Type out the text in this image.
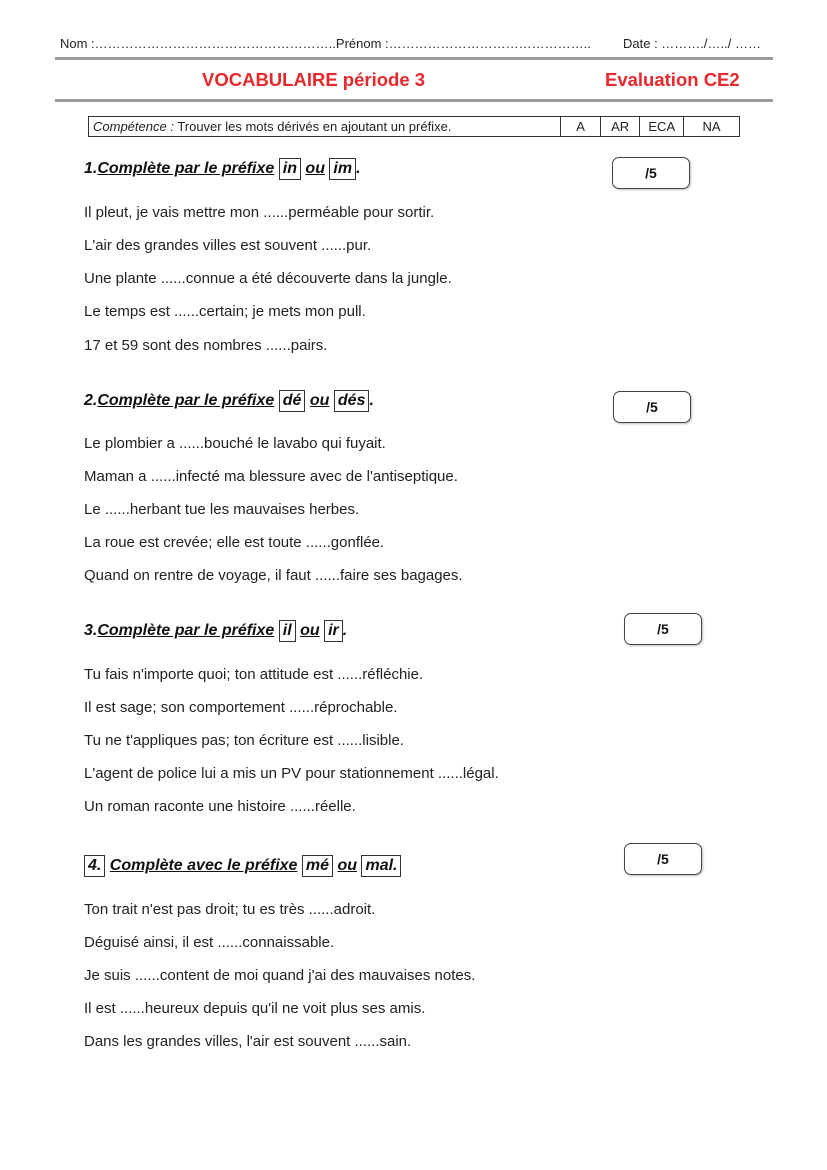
Nom :………………………………………………..Prénom :……………………………………….. Date : ………./…../ ……
VOCABULAIRE période 3	Evaluation CE2
Compétence : Trouver les mots dérivés en ajoutant un préfixe.	A	AR	ECA	NA
1.Complète par le préfixe in ou im .	/5
Il pleut, je vais mettre mon ......perméable pour sortir.
L'air des grandes villes est souvent ......pur.
Une plante ......connue a été découverte dans la jungle.
Le temps est ......certain; je mets mon pull.
17 et 59 sont des nombres ......pairs.
2.Complète par le préfixe dé ou dés .	/5
Le plombier a ......bouché le lavabo qui fuyait.
Maman a ......infecté ma blessure avec de l'antiseptique.
Le ......herbant tue les mauvaises herbes.
La roue est crevée; elle est toute ......gonflée.
Quand on rentre de voyage, il faut ......faire ses bagages.
3.Complète par le préfixe il ou ir .	/5
Tu fais n'importe quoi; ton attitude est ......réfléchie.
Il est sage; son comportement ......réprochable.
Tu ne t'appliques pas; ton écriture est ......lisible.
L'agent de police lui a mis un PV pour stationnement ......légal.
Un roman raconte une histoire ......réelle.
4. Complète avec le préfixe mé ou mal.	/5
Ton trait n'est pas droit; tu es très ......adroit.
Déguisé ainsi, il est ......connaissable.
Je suis ......content de moi quand j'ai des mauvaises notes.
Il est ......heureux depuis qu'il ne voit plus ses amis.
Dans les grandes villes, l'air est souvent ......sain.
